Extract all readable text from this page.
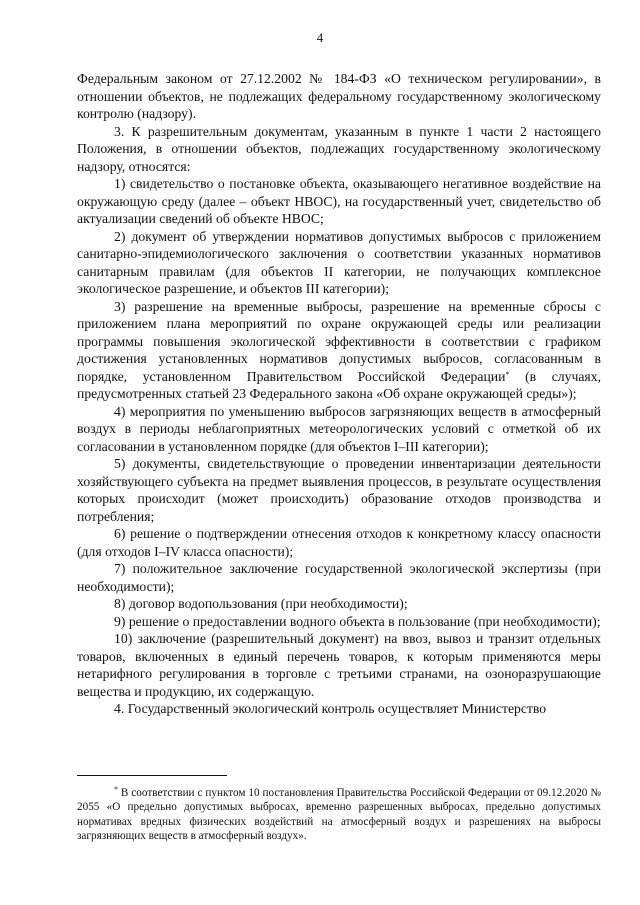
4

Федеральным законом от 27.12.2002 № 184-ФЗ «О техническом регулировании», в отношении объектов, не подлежащих федеральному государственному экологическому контролю (надзору).

3. К разрешительным документам, указанным в пункте 1 части 2 настоящего Положения, в отношении объектов, подлежащих государственному экологическому надзору, относятся:

1) свидетельство о постановке объекта, оказывающего негативное воздействие на окружающую среду (далее – объект НВОС), на государственный учет, свидетельство об актуализации сведений об объекте НВОС;

2) документ об утверждении нормативов допустимых выбросов с приложением санитарно-эпидемиологического заключения о соответствии указанных нормативов санитарным правилам (для объектов II категории, не получающих комплексное экологическое разрешение, и объектов III категории);

3) разрешение на временные выбросы, разрешение на временные сбросы с приложением плана мероприятий по охране окружающей среды или реализации программы повышения экологической эффективности в соответствии с графиком достижения установленных нормативов допустимых выбросов, согласованным в порядке, установленном Правительством Российской Федерации* (в случаях, предусмотренных статьей 23 Федерального закона «Об охране окружающей среды»);

4) мероприятия по уменьшению выбросов загрязняющих веществ в атмосферный воздух в периоды неблагоприятных метеорологических условий с отметкой об их согласовании в установленном порядке (для объектов I–III категории);

5) документы, свидетельствующие о проведении инвентаризации деятельности хозяйствующего субъекта на предмет выявления процессов, в результате осуществления которых происходит (может происходить) образование отходов производства и потребления;

6) решение о подтверждении отнесения отходов к конкретному классу опасности (для отходов I–IV класса опасности);

7) положительное заключение государственной экологической экспертизы (при необходимости);

8) договор водопользования (при необходимости);

9) решение о предоставлении водного объекта в пользование (при необходимости);

10) заключение (разрешительный документ) на ввоз, вывоз и транзит отдельных товаров, включенных в единый перечень товаров, к которым применяются меры нетарифного регулирования в торговле с третьими странами, на озоноразрушающие вещества и продукцию, их содержащую.

4. Государственный экологический контроль осуществляет Министерство

* В соответствии с пунктом 10 постановления Правительства Российской Федерации от 09.12.2020 № 2055 «О предельно допустимых выбросах, временно разрешенных выбросах, предельно допустимых нормативах вредных физических воздействий на атмосферный воздух и разрешениях на выбросы загрязняющих веществ в атмосферный воздух».
